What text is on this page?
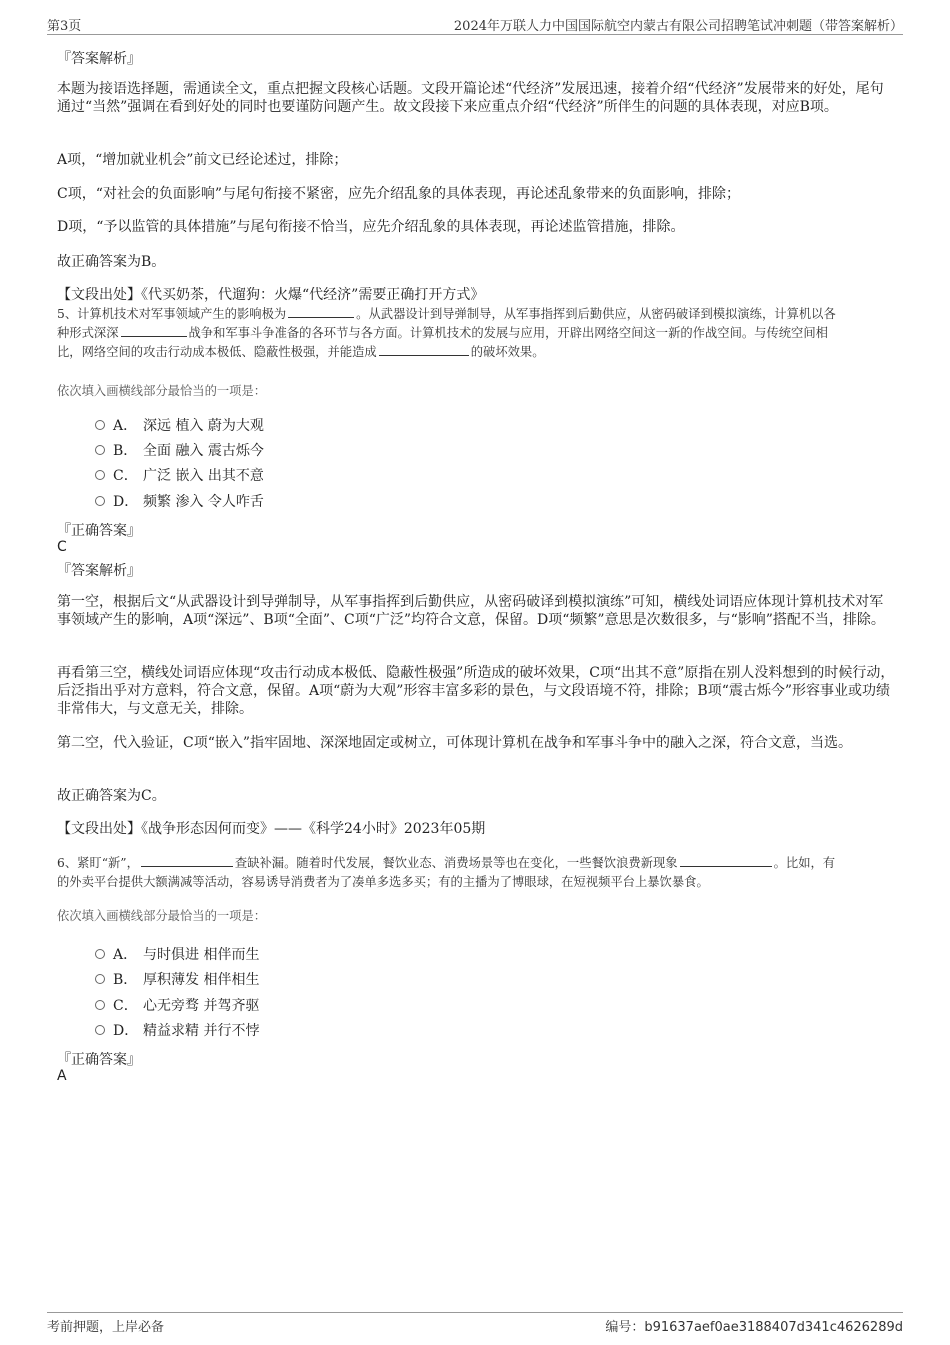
第3页	2024年万联人力中国国际航空内蒙古有限公司招聘笔试冲刺题（带答案解析）
『答案解析』
本题为接语选择题，需通读全文，重点把握文段核心话题。文段开篇论述“代经济”发展迅速，接着介绍“代经济”发展带来的好处，尾句通过“当然”强调在看到好处的同时也要谨防问题产生。故文段接下来应重点介绍“代经济”所伴生的问题的具体表现，对应B项。
A项，“增加就业机会”前文已经论述过，排除；
C项，“对社会的负面影响”与尾句衔接不紧密，应先介绍乱象的具体表现，再论述乱象带来的负面影响，排除；
D项，“予以监管的具体措施”与尾句衔接不恰当，应先介绍乱象的具体表现，再论述监管措施，排除。
故正确答案为B。
【文段出处】《代买奶茶，代遛狗：火爆“代经济”需要正确打开方式》
5、计算机技术对军事领域产生的影响极为	。从武器设计到导弹制导，从军事指挥到后勤供应，从密码破译到模拟演练，计算机以各
种形式深深	战争和军事斗争准备的各环节与各方面。计算机技术的发展与应用，开辟出网络空间这一新的作战空间。与传统空间相
比，网络空间的攻击行动成本极低、隐蔽性极强，并能造成	的破坏效果。
依次填入画横线部分最恰当的一项是：
A． 深远 植入 蔚为大观
B． 全面 融入 震古烁今
C． 广泛 嵌入 出其不意
D． 频繁 渗入 令人咋舌
『正确答案』
C
『答案解析』
第一空，根据后文“从武器设计到导弹制导，从军事指挥到后勤供应，从密码破译到模拟演练”可知，横线处词语应体现计算机技术对军事领域产生的影响，A项“深远”、B项“全面”、C项“广泛”均符合文意，保留。D项“频繁”意思是次数很多，与“影响”搭配不当，排除。
再看第三空，横线处词语应体现“攻击行动成本极低、隐蔽性极强”所造成的破坏效果，C项“出其不意”原指在别人没料想到的时候行动，后泛指出乎对方意料，符合文意，保留。A项“蔚为大观”形容丰富多彩的景色，与文段语境不符，排除；B项“震古烁今”形容事业或功绩非常伟大，与文意无关，排除。
第二空，代入验证，C项“嵌入”指牢固地、深深地固定或树立，可体现计算机在战争和军事斗争中的融入之深，符合文意，当选。
故正确答案为C。
【文段出处】《战争形态因何而变》——《科学24小时》2023年05期
6、紧盯“新”，	查缺补漏。随着时代发展，餐饮业态、消费场景等也在变化，一些餐饮浪费新现象	。比如，有
的外卖平台提供大额满减等活动，容易诱导消费者为了凑单多选多买；有的主播为了博眼球，在短视频平台上暴饮暴食。
依次填入画横线部分最恰当的一项是：
A． 与时俱进 相伴而生
B． 厚积薄发 相伴相生
C． 心无旁骛 并驾齐驱
D． 精益求精 并行不悖
『正确答案』
A
考前押题，上岸必备	编号：b91637aef0ae3188407d341c4626289d
